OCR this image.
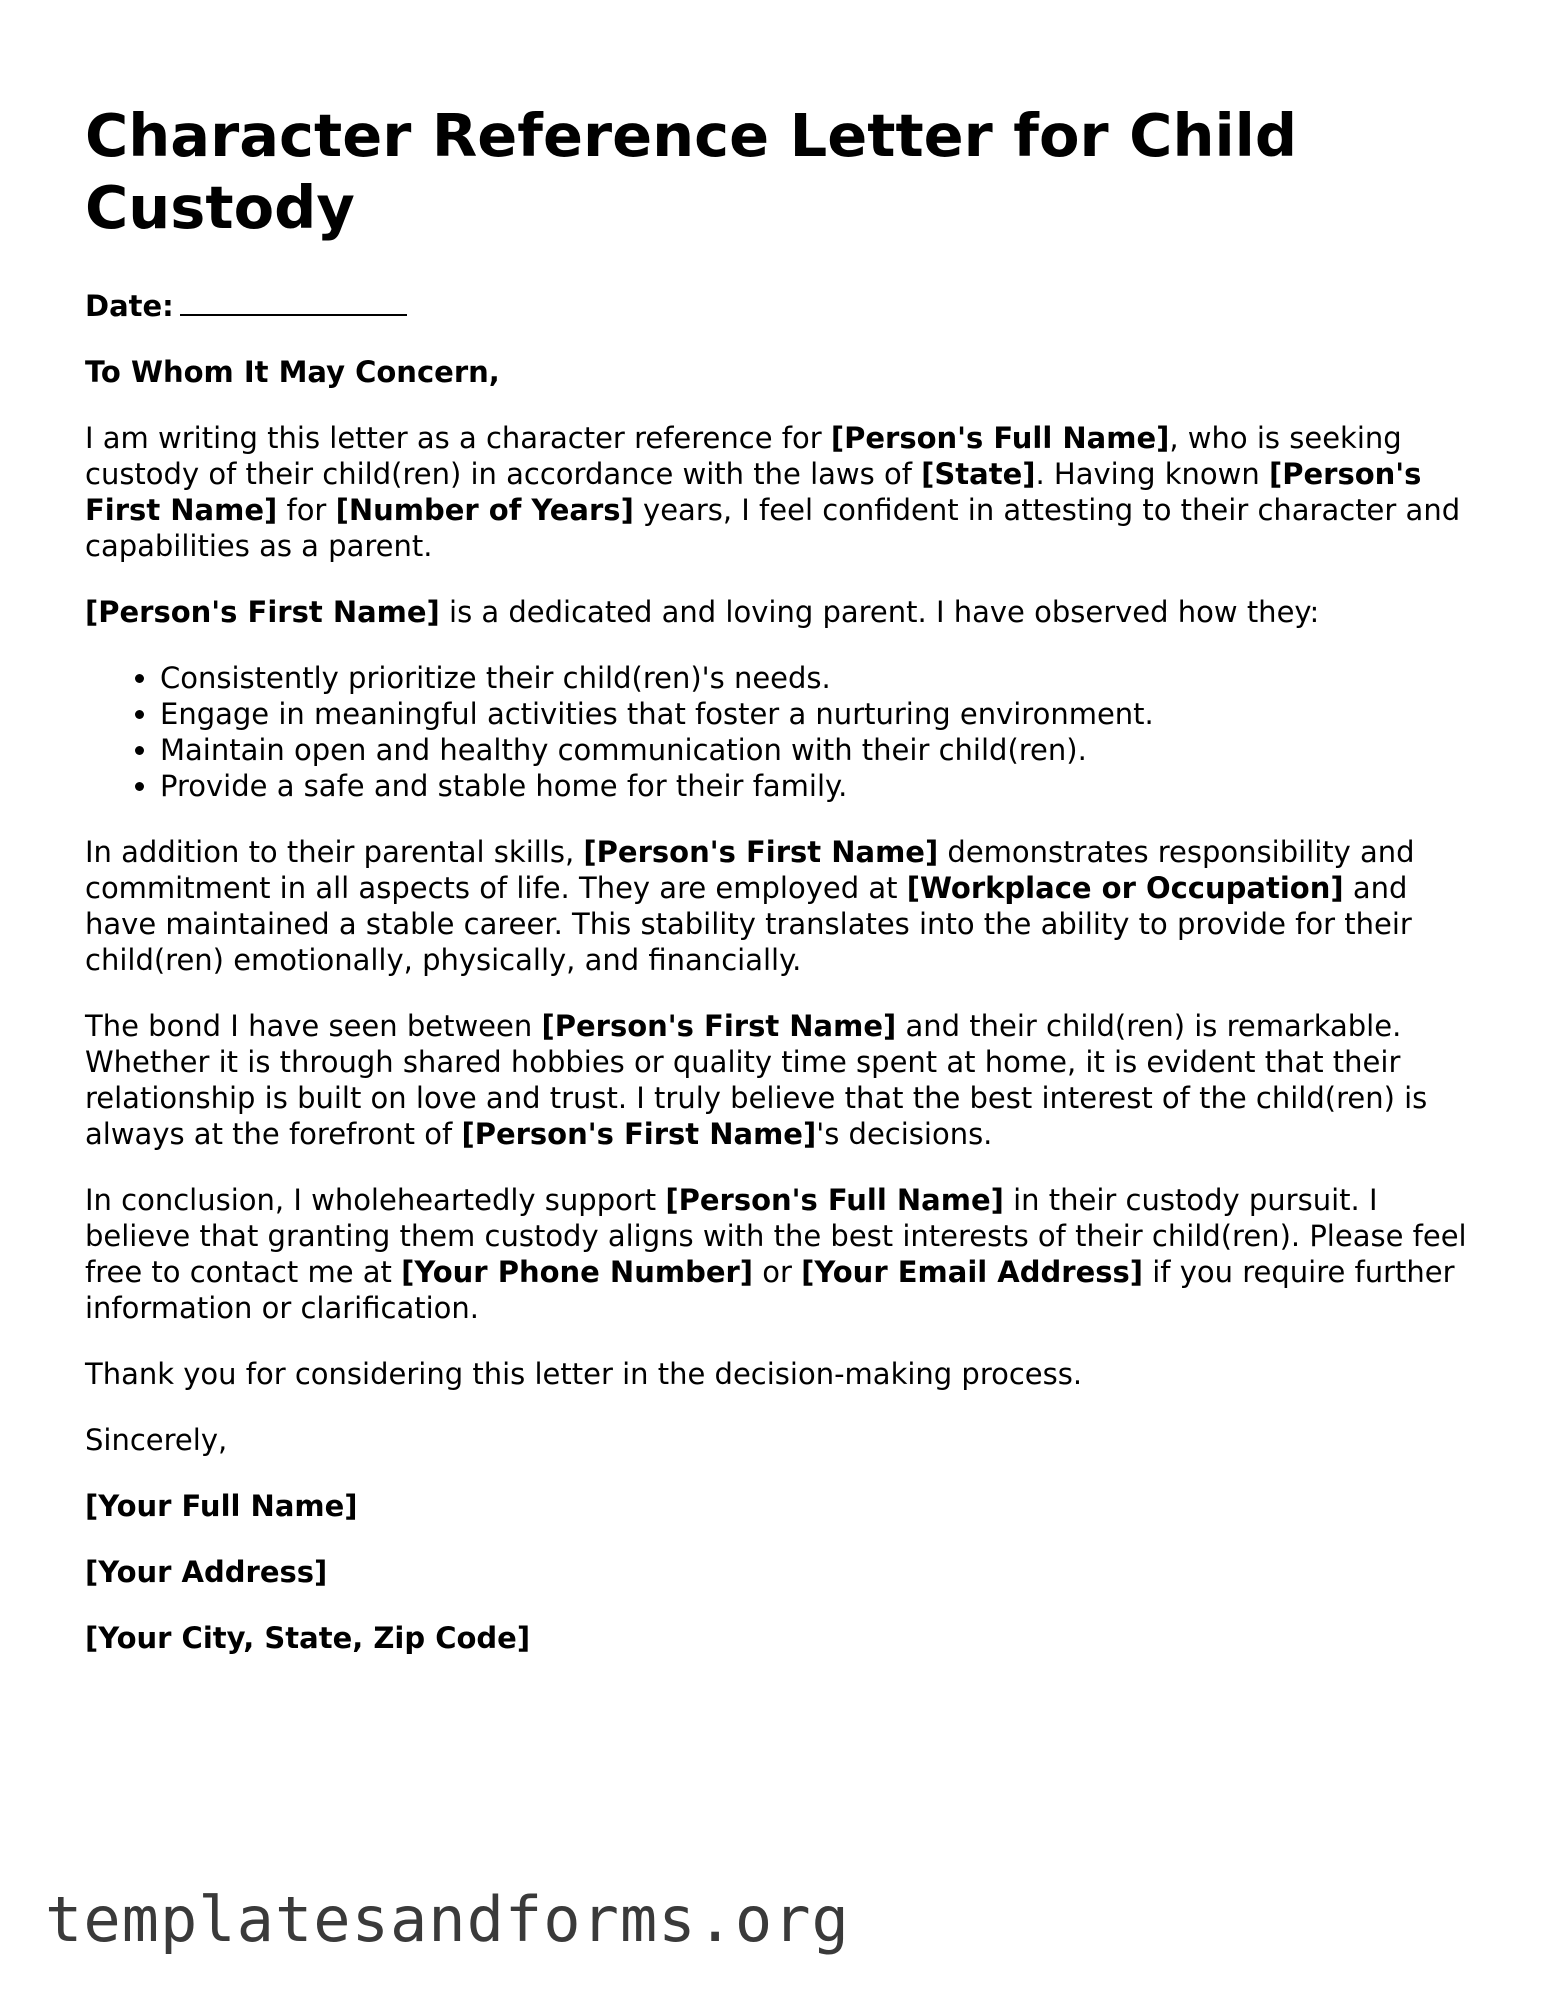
Character Reference Letter for Child Custody

Date:

To Whom It May Concern,

I am writing this letter as a character reference for [Person's Full Name], who is seeking custody of their child(ren) in accordance with the laws of [State]. Having known [Person's First Name] for [Number of Years] years, I feel confident in attesting to their character and capabilities as a parent.

[Person's First Name] is a dedicated and loving parent. I have observed how they:

• Consistently prioritize their child(ren)'s needs.
• Engage in meaningful activities that foster a nurturing environment.
• Maintain open and healthy communication with their child(ren).
• Provide a safe and stable home for their family.

In addition to their parental skills, [Person's First Name] demonstrates responsibility and commitment in all aspects of life. They are employed at [Workplace or Occupation] and have maintained a stable career. This stability translates into the ability to provide for their child(ren) emotionally, physically, and financially.

The bond I have seen between [Person's First Name] and their child(ren) is remarkable. Whether it is through shared hobbies or quality time spent at home, it is evident that their relationship is built on love and trust. I truly believe that the best interest of the child(ren) is always at the forefront of [Person's First Name]'s decisions.

In conclusion, I wholeheartedly support [Person's Full Name] in their custody pursuit. I believe that granting them custody aligns with the best interests of their child(ren). Please feel free to contact me at [Your Phone Number] or [Your Email Address] if you require further information or clarification.

Thank you for considering this letter in the decision-making process.

Sincerely,

[Your Full Name]

[Your Address]

[Your City, State, Zip Code]

templatesandforms.org
